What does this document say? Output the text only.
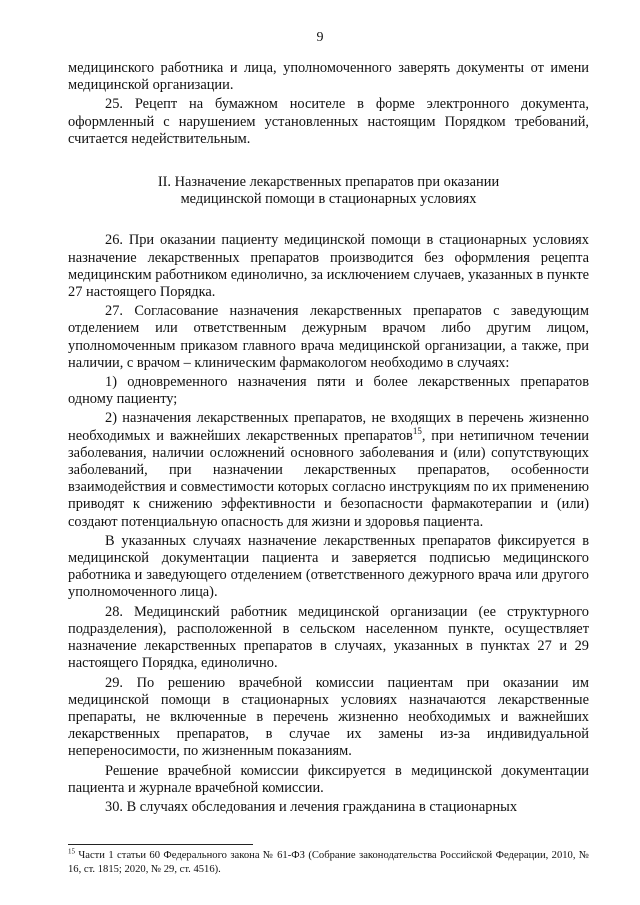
9

медицинского работника и лица, уполномоченного заверять документы от имени медицинской организации.

25. Рецепт на бумажном носителе в форме электронного документа, оформленный с нарушением установленных настоящим Порядком требований, считается недействительным.

II. Назначение лекарственных препаратов при оказании
медицинской помощи в стационарных условиях

26. При оказании пациенту медицинской помощи в стационарных условиях назначение лекарственных препаратов производится без оформления рецепта медицинским работником единолично, за исключением случаев, указанных в пункте 27 настоящего Порядка.

27. Согласование назначения лекарственных препаратов с заведующим отделением или ответственным дежурным врачом либо другим лицом, уполномоченным приказом главного врача медицинской организации, а также, при наличии, с врачом – клиническим фармакологом необходимо в случаях:

1) одновременного назначения пяти и более лекарственных препаратов одному пациенту;

2) назначения лекарственных препаратов, не входящих в перечень жизненно необходимых и важнейших лекарственных препаратов$^{15}$, при нетипичном течении заболевания, наличии осложнений основного заболевания и (или) сопутствующих заболеваний, при назначении лекарственных препаратов, особенности взаимодействия и совместимости которых согласно инструкциям по их применению приводят к снижению эффективности и безопасности фармакотерапии и (или) создают потенциальную опасность для жизни и здоровья пациента.

В указанных случаях назначение лекарственных препаратов фиксируется в медицинской документации пациента и заверяется подписью медицинского работника и заведующего отделением (ответственного дежурного врача или другого уполномоченного лица).

28. Медицинский работник медицинской организации (ее структурного подразделения), расположенной в сельском населенном пункте, осуществляет назначение лекарственных препаратов в случаях, указанных в пунктах 27 и 29 настоящего Порядка, единолично.

29. По решению врачебной комиссии пациентам при оказании им медицинской помощи в стационарных условиях назначаются лекарственные препараты, не включенные в перечень жизненно необходимых и важнейших лекарственных препаратов, в случае их замены из-за индивидуальной непереносимости, по жизненным показаниям.

Решение врачебной комиссии фиксируется в медицинской документации пациента и журнале врачебной комиссии.

30. В случаях обследования и лечения гражданина в стационарных

$^{15}$ Части 1 статьи 60 Федерального закона № 61-ФЗ (Собрание законодательства Российской Федерации, 2010, № 16, ст. 1815; 2020, № 29, ст. 4516).
